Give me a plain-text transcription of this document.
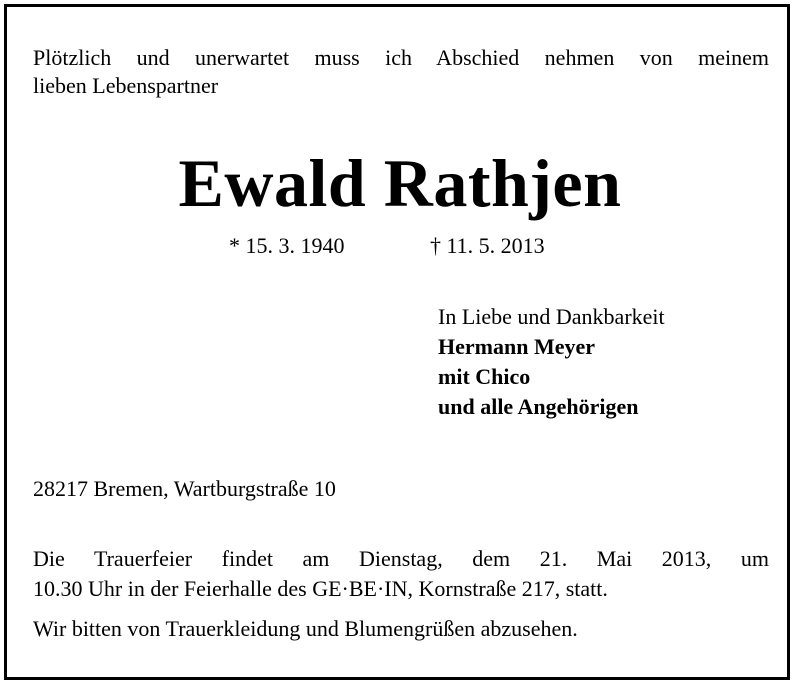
Plötzlich und unerwartet muss ich Abschied nehmen von meinem
lieben Lebenspartner
Ewald Rathjen
* 15. 3. 1940	† 11. 5. 2013
In Liebe und Dankbarkeit
Hermann Meyer
mit Chico
und alle Angehörigen
28217 Bremen, Wartburgstraße 10
Die Trauerfeier findet am Dienstag, dem 21. Mai 2013, um
10.30 Uhr in der Feierhalle des GE·BE·IN, Kornstraße 217, statt.
Wir bitten von Trauerkleidung und Blumengrüßen abzusehen.
